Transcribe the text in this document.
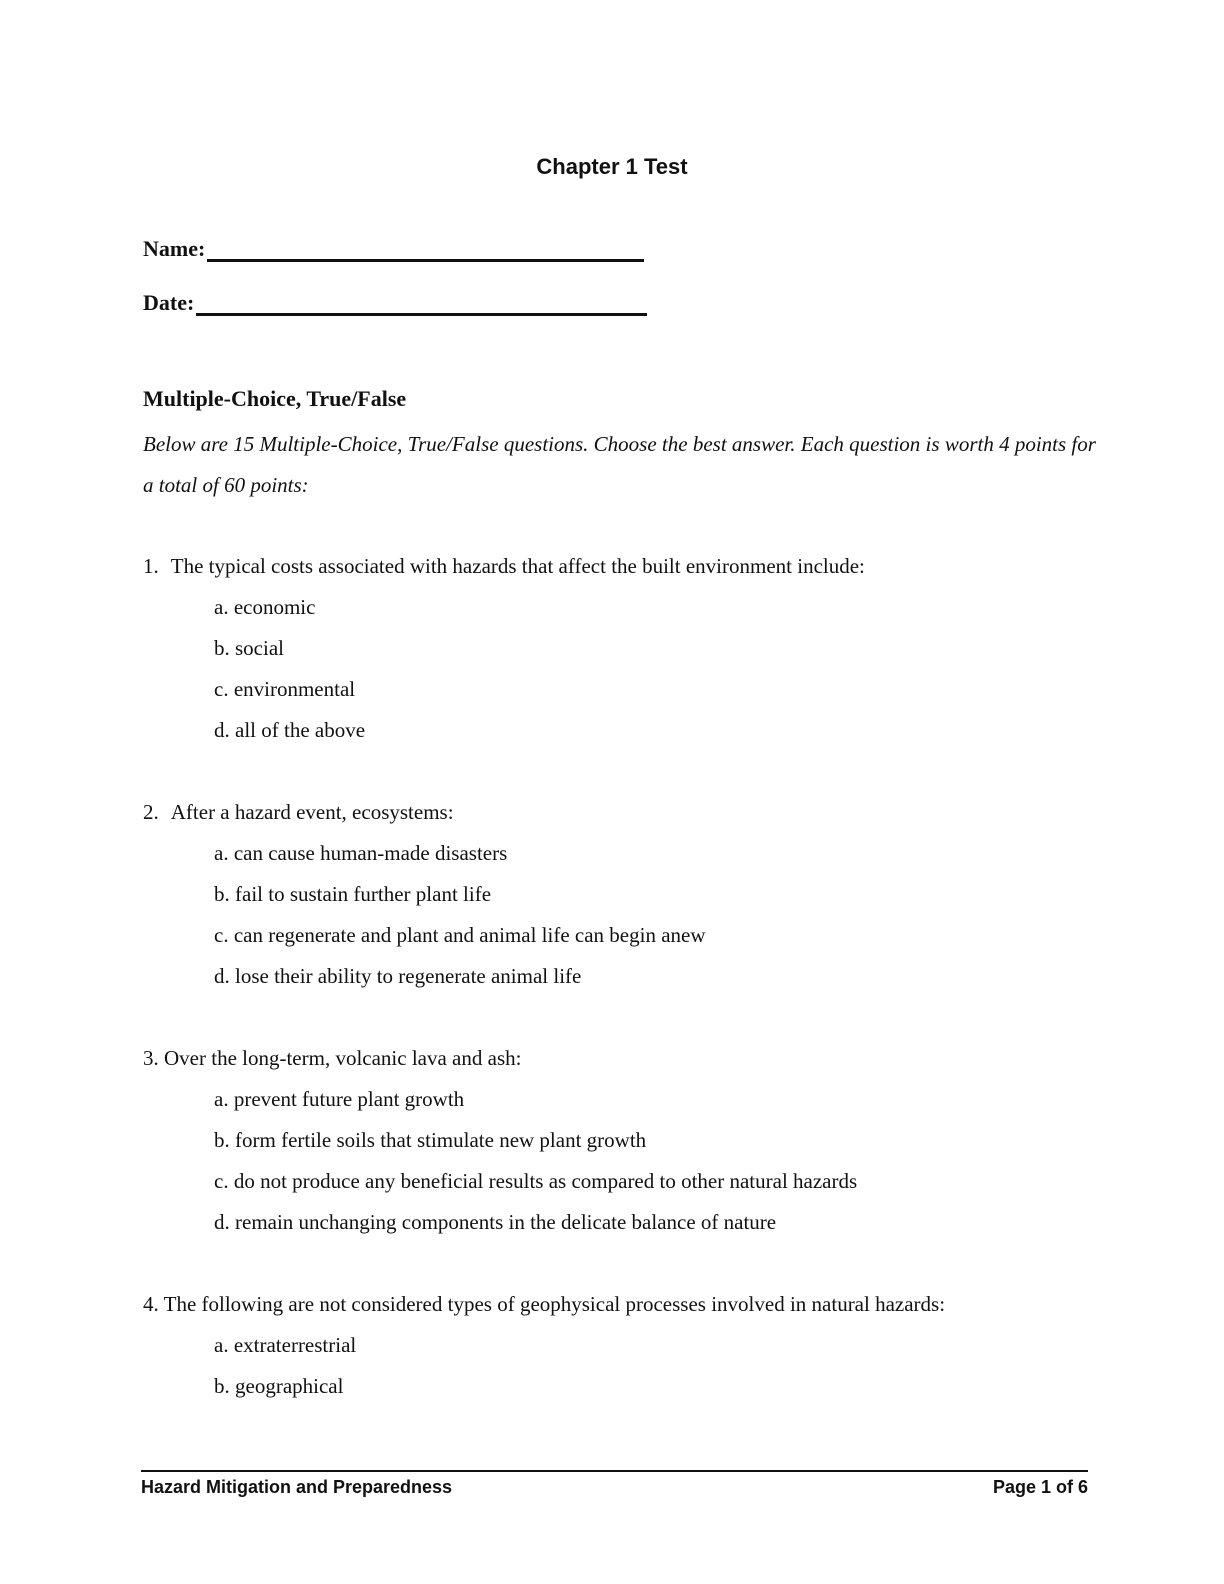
Chapter 1 Test
Name:
Date:
Multiple-Choice, True/False

Below are 15 Multiple-Choice, True/False questions. Choose the best answer. Each question is worth 4 points for a total of 60 points:

1. The typical costs associated with hazards that affect the built environment include:

a. economic
b. social
c. environmental
d. all of the above

2. After a hazard event, ecosystems:

a. can cause human-made disasters
b. fail to sustain further plant life
c. can regenerate and plant and animal life can begin anew
d. lose their ability to regenerate animal life

3. Over the long-term, volcanic lava and ash:

a. prevent future plant growth
b. form fertile soils that stimulate new plant growth
c. do not produce any beneficial results as compared to other natural hazards
d. remain unchanging components in the delicate balance of nature

4. The following are not considered types of geophysical processes involved in natural hazards:

a. extraterrestrial
b. geographical
Hazard Mitigation and Preparedness	Page 1 of 6
